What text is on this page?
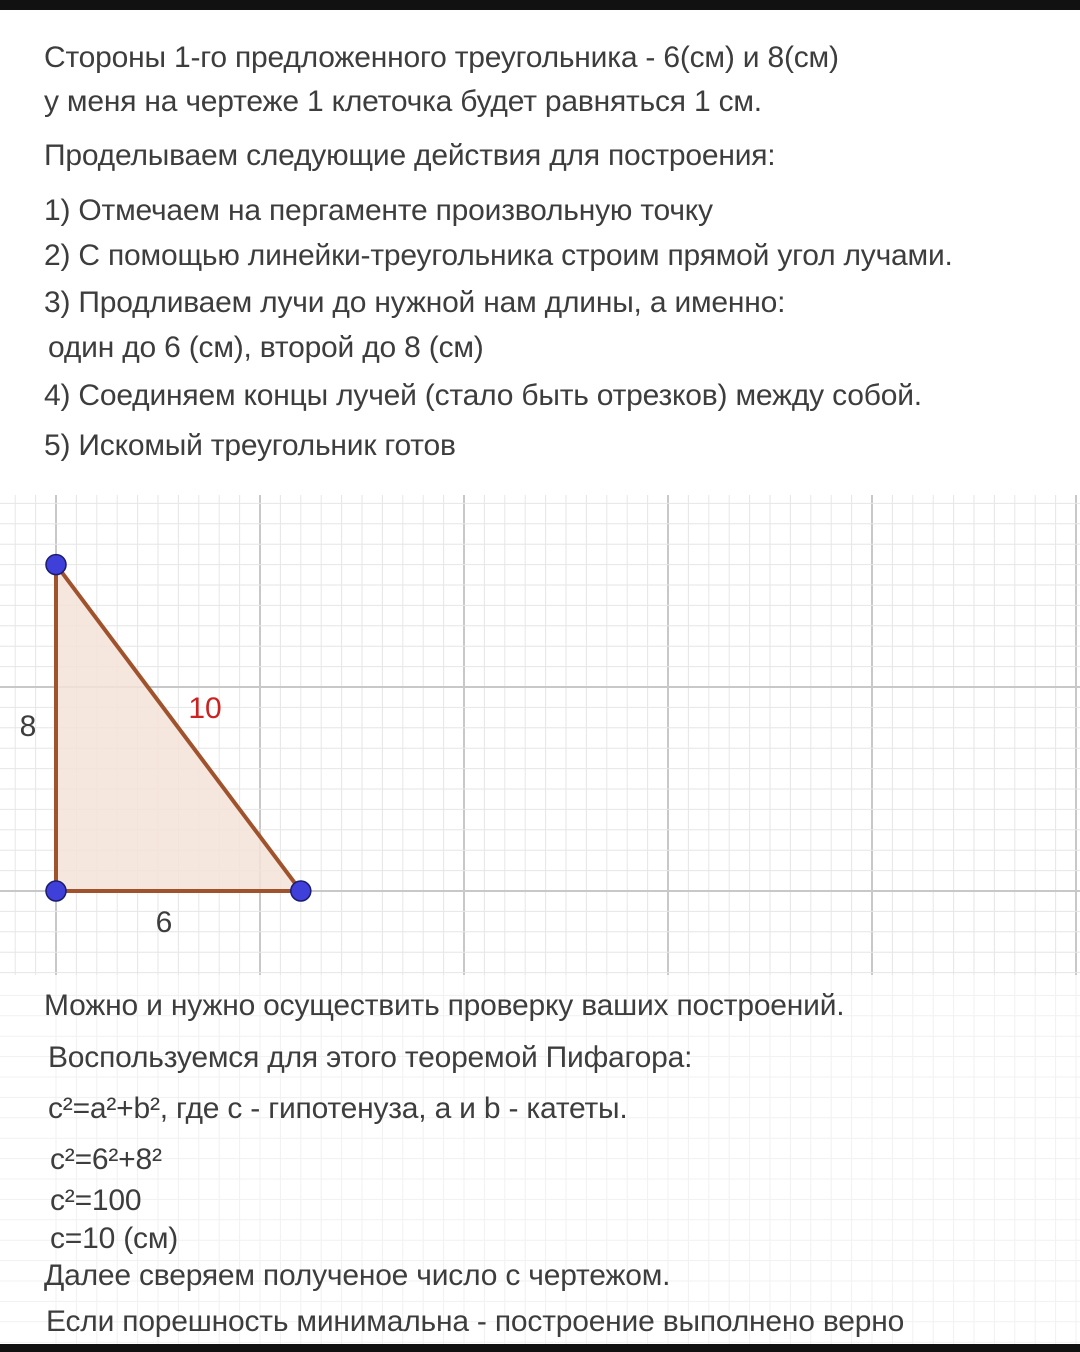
Стороны 1-го предложенного треугольника - 6(см) и 8(см)
у меня на чертеже 1 клеточка будет равняться 1 см.
Проделываем следующие действия для построения:
1) Отмечаем на пергаменте произвольную точку
2) С помощью линейки-треугольника строим прямой угол лучами.
3) Продливаем лучи до нужной нам длины, а именно:
один до 6 (см), второй до 8 (см)
4) Соединяем концы лучей (стало быть отрезков) между собой.
5) Искомый треугольник готов
8
6
10
Можно и нужно осуществить проверку ваших построений.
Воспользуемся для этого теоремой Пифагора:
c²=a²+b², где c - гипотенуза, а и b - катеты.
c²=6²+8²
c²=100
c=10 (см)
Далее сверяем полученое число с чертежом.
Если порешность минимальна - построение выполнено верно
